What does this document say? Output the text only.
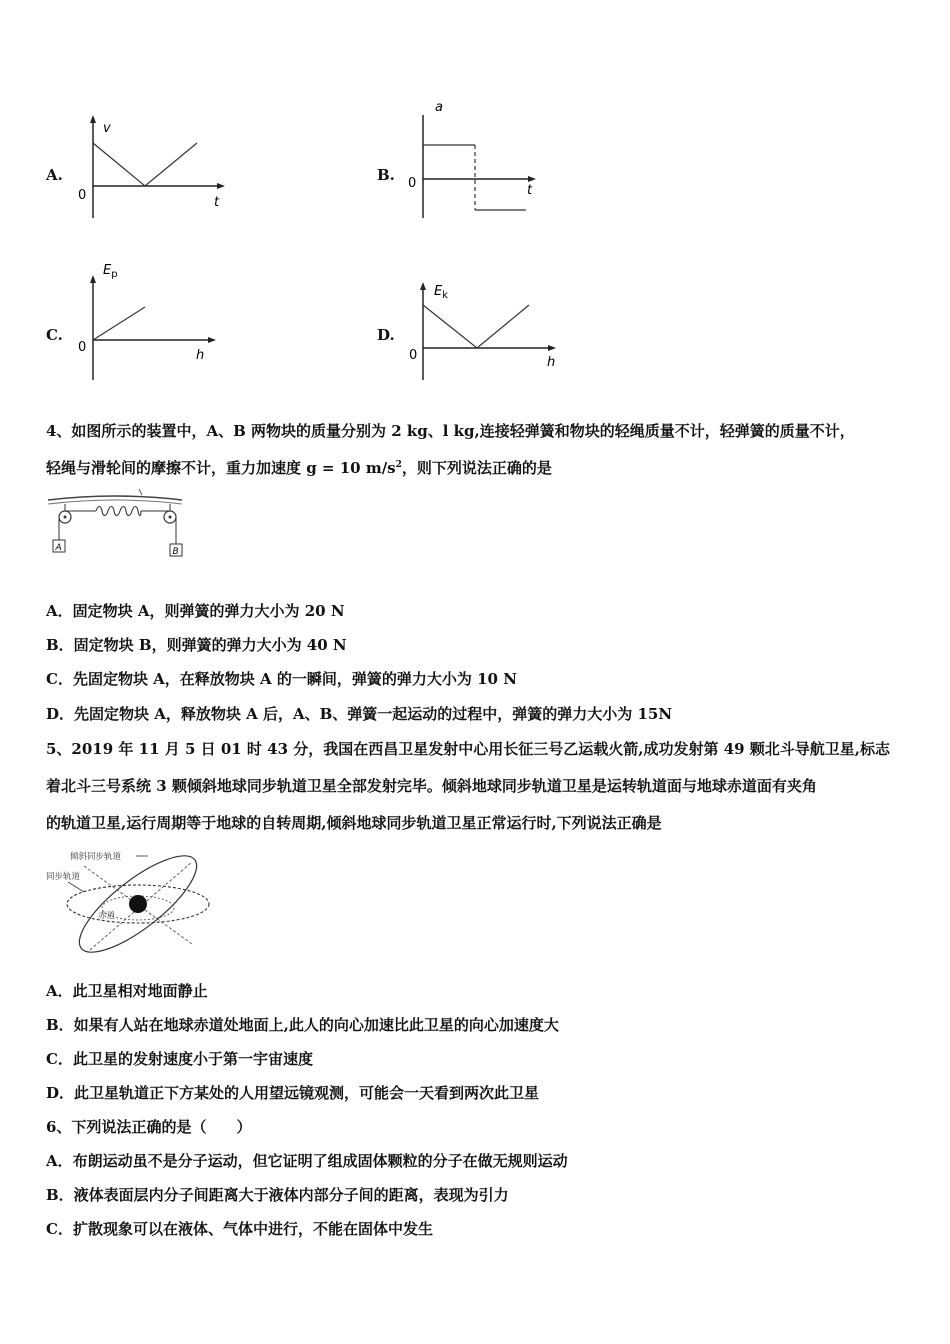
A.
v
t
0
B.
a
t
0
C.
$E_p$
h
0
D.
$E_k$
h
0
4、如图所示的装置中，A、B 两物块的质量分别为 2 kg、l kg,连接轻弹簧和物块的轻绳质量不计，轻弹簧的质量不计，
轻绳与滑轮间的摩擦不计，重力加速度 g = 10 $m/s^2$，则下列说法正确的是
A	B
A．固定物块 A，则弹簧的弹力大小为 20 N
B．固定物块 B，则弹簧的弹力大小为 40 N
C．先固定物块 A，在释放物块 A 的一瞬间，弹簧的弹力大小为 10 N
D．先固定物块 A，释放物块 A 后，A、B、弹簧一起运动的过程中，弹簧的弹力大小为 15N
5、2019 年 11 月 5 日 01 时 43 分，我国在西昌卫星发射中心用长征三号乙运载火箭,成功发射第 49 颗北斗导航卫星,标志
着北斗三号系统 3 颗倾斜地球同步轨道卫星全部发射完毕。倾斜地球同步轨道卫星是运转轨道面与地球赤道面有夹角
的轨道卫星,运行周期等于地球的自转周期,倾斜地球同步轨道卫星正常运行时,下列说法正确是
倾斜同步轨道
同步轨道
赤道
A．此卫星相对地面静止
B．如果有人站在地球赤道处地面上,此人的向心加速比此卫星的向心加速度大
C．此卫星的发射速度小于第一宇宙速度
D．此卫星轨道正下方某处的人用望远镜观测，可能会一天看到两次此卫星
6、下列说法正确的是（　　）
A．布朗运动虽不是分子运动，但它证明了组成固体颗粒的分子在做无规则运动
B．液体表面层内分子间距离大于液体内部分子间的距离，表现为引力
C．扩散现象可以在液体、气体中进行，不能在固体中发生
